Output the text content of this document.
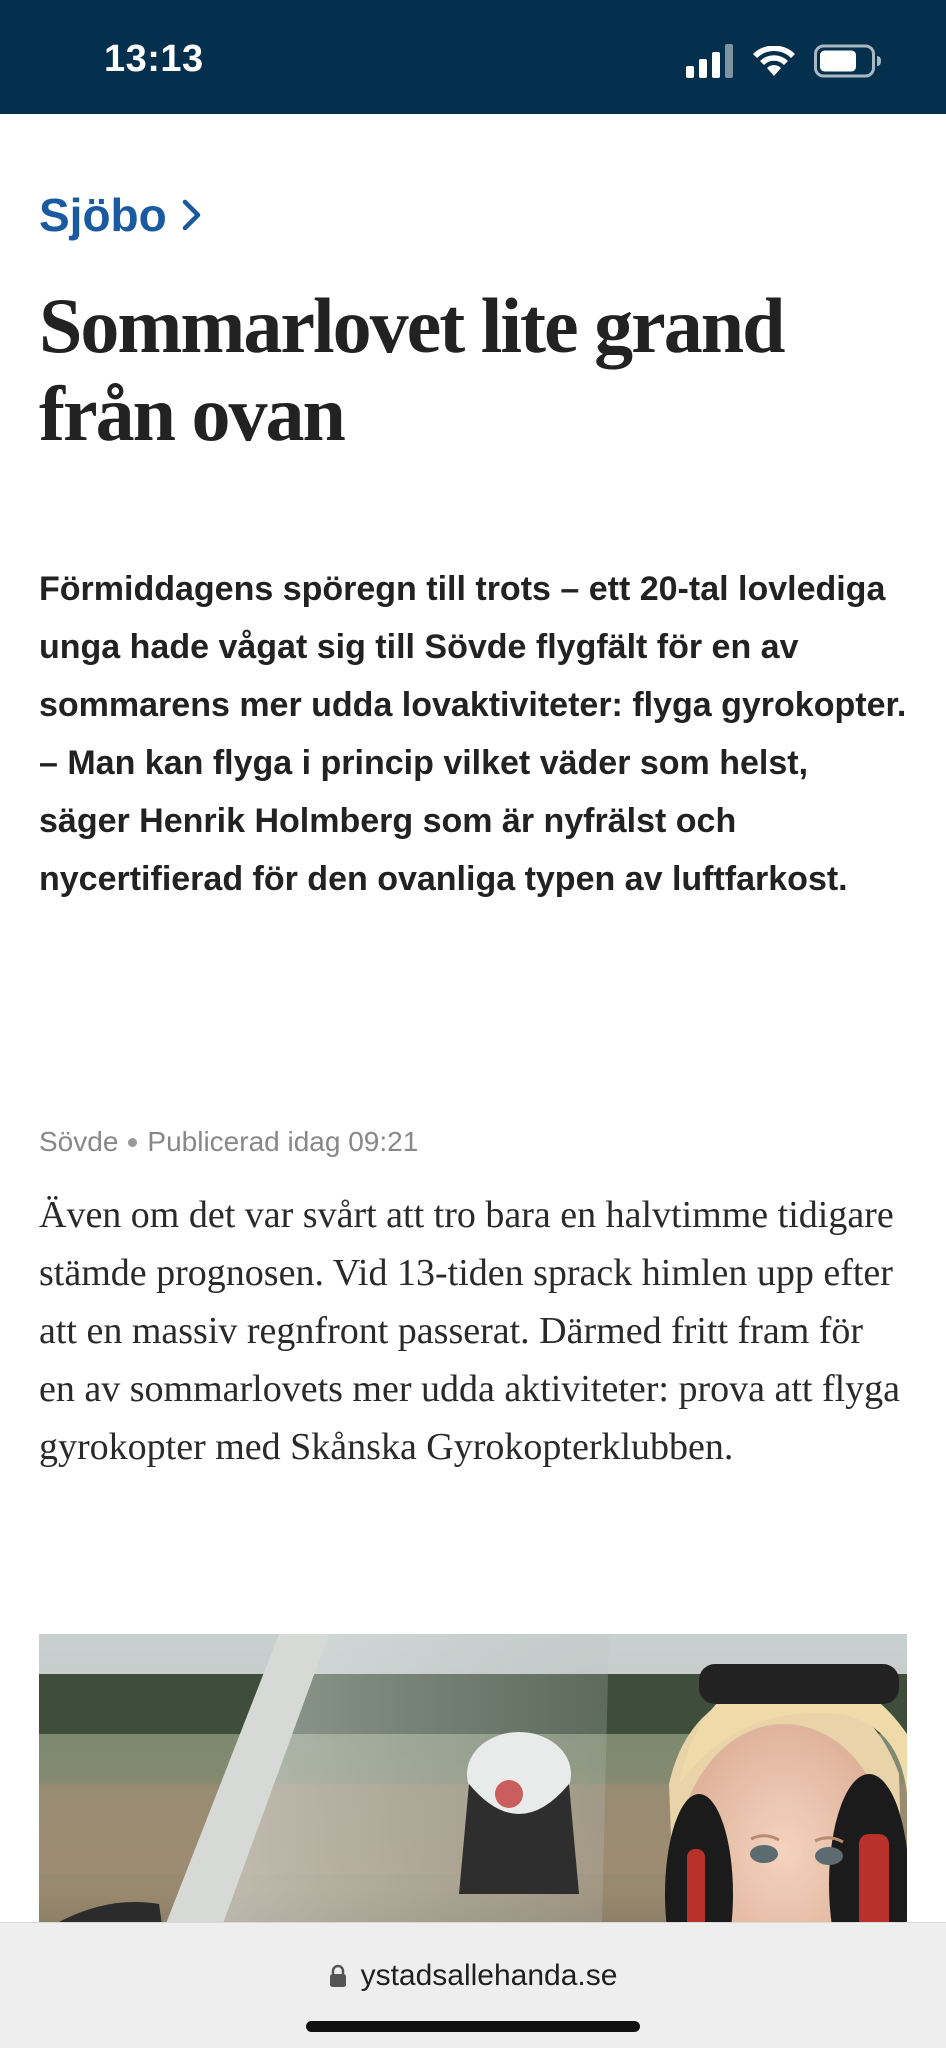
13:13
Sjöbo
Sommarlovet lite grand från ovan

Förmiddagens spöregn till trots – ett 20-tal lovlediga unga hade vågat sig till Sövde flygfält för en av sommarens mer udda lovaktiviteter: flyga gyrokopter.

– Man kan flyga i princip vilket väder som helst, säger Henrik Holmberg som är nyfrälst och nycertifierad för den ovanliga typen av luftfarkost.

Sövde Publicerad idag 09:21

Även om det var svårt att tro bara en halvtimme tidigare stämde prognosen. Vid 13-tiden sprack himlen upp efter att en massiv regnfront passerat. Därmed fritt fram för en av sommarlovets mer udda aktiviteter: prova att flyga gyrokopter med Skånska Gyrokopterklubben.

ystadsallehanda.se
